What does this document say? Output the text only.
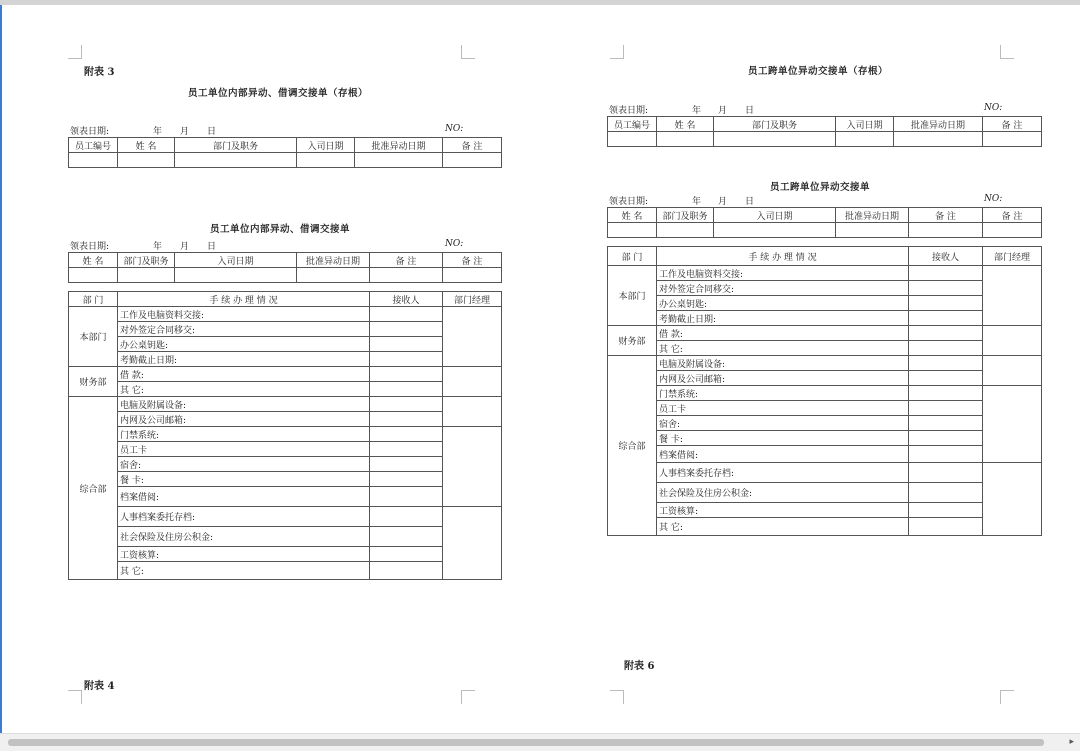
附表 3
员工单位内部异动、借调交接单（存根）
领表日期:	年 月 日	NO:
员工编号	姓 名	部门及职务	入司日期	批准异动日期	备 注

员工单位内部异动、借调交接单
领表日期:	年 月 日	NO:
姓 名	部门及职务	入司日期	批准异动日期	备 注	备 注

部 门	手 续 办 理 情 况	接收人	部门经理
本部门	工作及电脑资料交接:		
	对外签定合同移交:		
	办公桌钥匙:		
	考勤截止日期:		
财务部	借 款:		
	其 它:		
综合部	电脑及附属设备:		
	内网及公司邮箱:		
	门禁系统:		
	员工卡		
	宿舍:		
	餐 卡:		
	档案借阅:		
	人事档案委托存档:		
	社会保险及住房公积金:		
	工资核算:		
	其 它:		
附表 4
员工跨单位异动交接单（存根）
领表日期:	年 月 日	NO:
员工编号	姓 名	部门及职务	入司日期	批准异动日期	备 注

员工跨单位异动交接单
领表日期:	年 月 日	NO:
姓 名	部门及职务	入司日期	批准异动日期	备 注	备 注

部 门	手 续 办 理 情 况	接收人	部门经理
本部门	工作及电脑资料交接:		
	对外签定合同移交:		
	办公桌钥匙:		
	考勤截止日期:		
财务部	借 款:		
	其 它:		
综合部	电脑及附属设备:		
	内网及公司邮箱:		
	门禁系统:		
	员工卡		
	宿舍:		
	餐 卡:		
	档案借阅:		
	人事档案委托存档:		
	社会保险及住房公积金:		
	工资核算:		
	其 它:		
附表 6
▸
